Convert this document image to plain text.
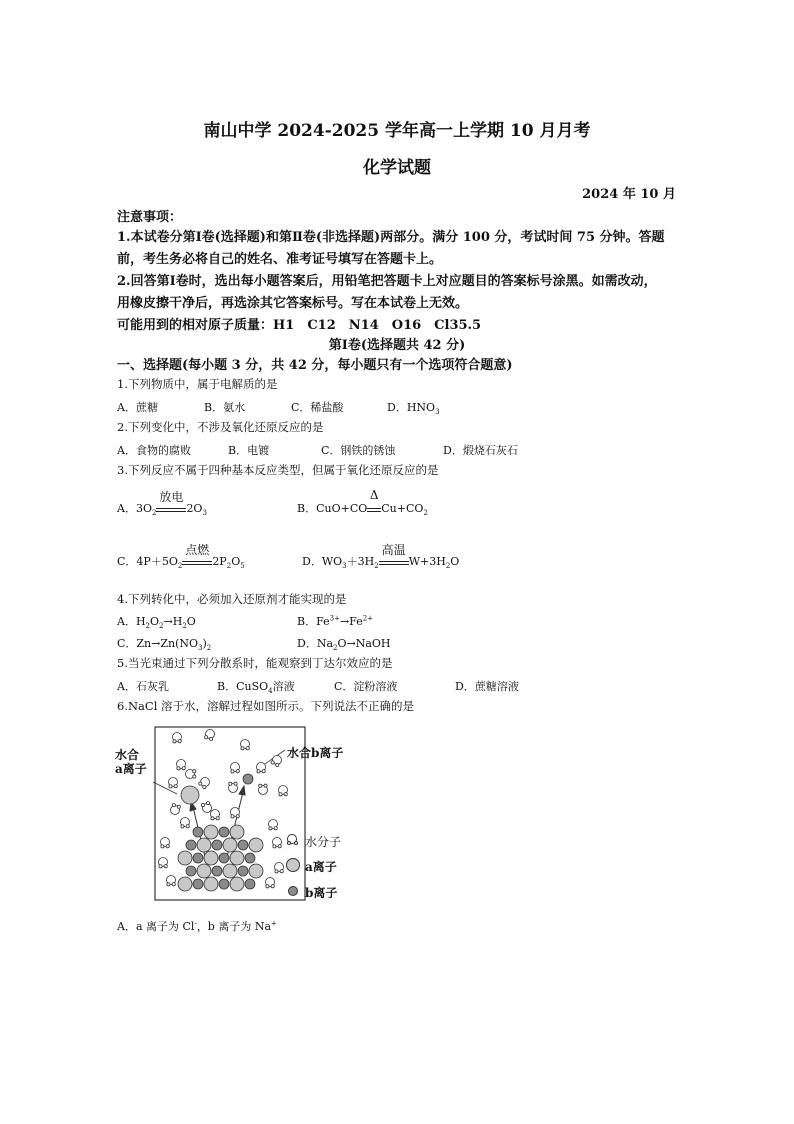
南山中学 2024-2025 学年高一上学期 10 月月考
化学试题
2024 年 10 月
注意事项：
1.本试卷分第Ⅰ卷(选择题)和第Ⅱ卷(非选择题)两部分。满分 100 分，考试时间 75 分钟。答题
前，考生务必将自己的姓名、准考证号填写在答题卡上。
2.回答第Ⅰ卷时，选出每小题答案后，用铅笔把答题卡上对应题目的答案标号涂黑。如需改动，
用橡皮擦干净后，再选涂其它答案标号。写在本试卷上无效。
可能用到的相对原子质量：H1　C12　N14　O16　Cl35.5
第Ⅰ卷(选择题共 42 分)
一、选择题(每小题 3 分，共 42 分，每小题只有一个选项符合题意)
1.下列物质中，属于电解质的是
A．蔗糖	B．氨水	C．稀盐酸	D．$HNO_3$
2.下列变化中，不涉及氧化还原反应的是
A．食物的腐败	B．电镀	C．钢铁的锈蚀	D．煅烧石灰石
3.下列反应不属于四种基本反应类型，但属于氧化还原反应的是
A．$3O_2$
放电
$2O_3$	B．CuO+CO
Δ
$Cu+CO_2$
C．$4P+5O_2$
点燃
$2P_2O_5$	D．$WO_3+3H_2$
高温
$W+3H_2O$
4.下列转化中，必须加入还原剂才能实现的是
A．$H_2O_2\to H_2O$	B．$Fe^{3+}\to Fe^{2+}$
C．$Zn\to Zn(NO_3)_2$	D．$Na_2O\to NaOH$
5.当光束通过下列分散系时，能观察到丁达尔效应的是
A．石灰乳	B．CuSO$_4$溶液	C．淀粉溶液	D．蔗糖溶液
6.NaCl 溶于水，溶解过程如图所示。下列说法不正确的是
水合
a离子
水合b离子
水分子
a离子
b离子
A．a 离子为 Cl-，b 离子为 Na+
